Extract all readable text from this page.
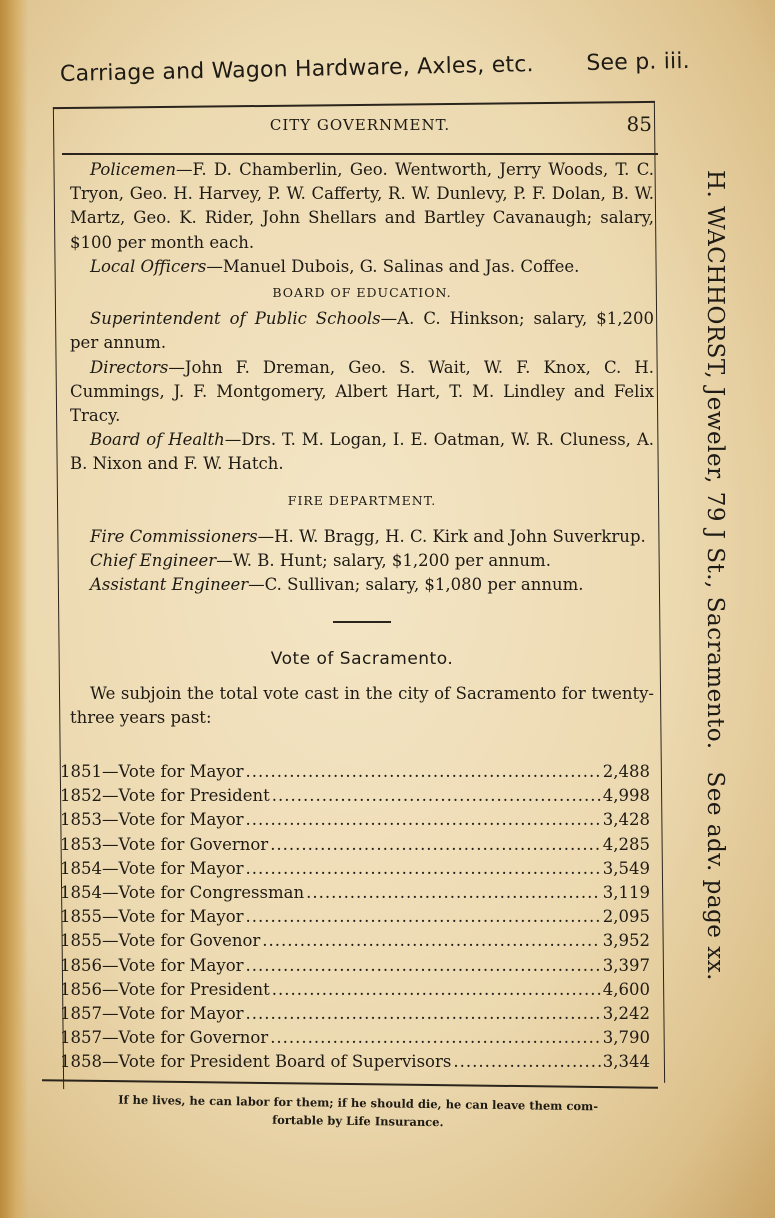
Carriage and Wagon Hardware, Axles, etc. See p. iii.
CITY GOVERNMENT.	85
H. WACHHORST, Jeweler, 79 J St., Sacramento.See adv. page xx.

Policemen—F. D. Chamberlin, Geo. Wentworth, Jerry Woods, T. C. Tryon, Geo. H. Harvey, P. W. Cafferty, R. W. Dunlevy, P. F. Dolan, B. W. Martz, Geo. K. Rider, John Shellars and Bartley Cavanaugh; salary, $100 per month each.

Local Officers—Manuel Dubois, G. Salinas and Jas. Coffee.

BOARD OF EDUCATION.

Superintendent of Public Schools—A. C. Hinkson; salary, $1,200 per annum.

Directors—John F. Dreman, Geo. S. Wait, W. F. Knox, C. H. Cummings, J. F. Montgomery, Albert Hart, T. M. Lindley and Felix Tracy.

Board of Health—Drs. T. M. Logan, I. E. Oatman, W. R. Cluness, A. B. Nixon and F. W. Hatch.

FIRE DEPARTMENT.

Fire Commissioners—H. W. Bragg, H. C. Kirk and John Suverkrup.

Chief Engineer—W. B. Hunt; salary, $1,200 per annum.

Assistant Engineer—C. Sullivan; salary, $1,080 per annum.

Vote of Sacramento.

We subjoin the total vote cast in the city of Sacramento for twenty-three years past:

1851—Vote for Mayor .....	2,488
1852—Vote for President .....	4,998
1853—Vote for Mayor .....	3,428
1853—Vote for Governor .....	4,285
1854—Vote for Mayor .....	3,549
1854—Vote for Congressman .....	3,119
1855—Vote for Mayor .....	2,095
1855—Vote for Govenor .....	3,952
1856—Vote for Mayor .....	3,397
1856—Vote for President .....	4,600
1857—Vote for Mayor .....	3,242
1857—Vote for Governor .....	3,790
1858—Vote for President Board of Supervisors .....	3,344
If he lives, he can labor for them; if he should die, he can leave them com-
fortable by Life Insurance.
